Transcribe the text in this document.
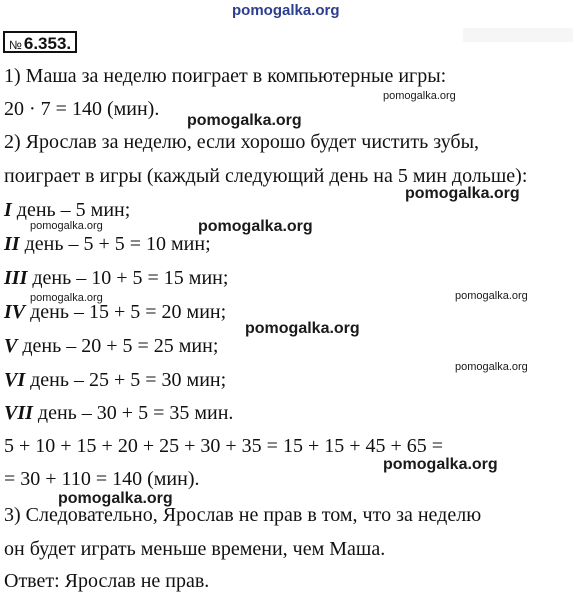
pomogalka.org
№ 6.353.
1) Маша за неделю поиграет в компьютерные игры:
20 · 7 = 140 (мин).
2) Ярослав за неделю, если хорошо будет чистить зубы,
поиграет в игры (каждый следующий день на 5 мин дольше):
I день – 5 мин;
II день – 5 + 5 = 10 мин;
III день – 10 + 5 = 15 мин;
IV день – 15 + 5 = 20 мин;
V день – 20 + 5 = 25 мин;
VI день – 25 + 5 = 30 мин;
VII день – 30 + 5 = 35 мин.
5 + 10 + 15 + 20 + 25 + 30 + 35 = 15 + 15 + 45 + 65 =
= 30 + 110 = 140 (мин).
3) Следовательно, Ярослав не прав в том, что за неделю
он будет играть меньше времени, чем Маша.
Ответ: Ярослав не прав.
pomogalka.org
pomogalka.org
pomogalka.org
pomogalka.org	pomogalka.org
pomogalka.org
pomogalka.org
pomogalka.org
pomogalka.org
pomogalka.org
pomogalka.org
